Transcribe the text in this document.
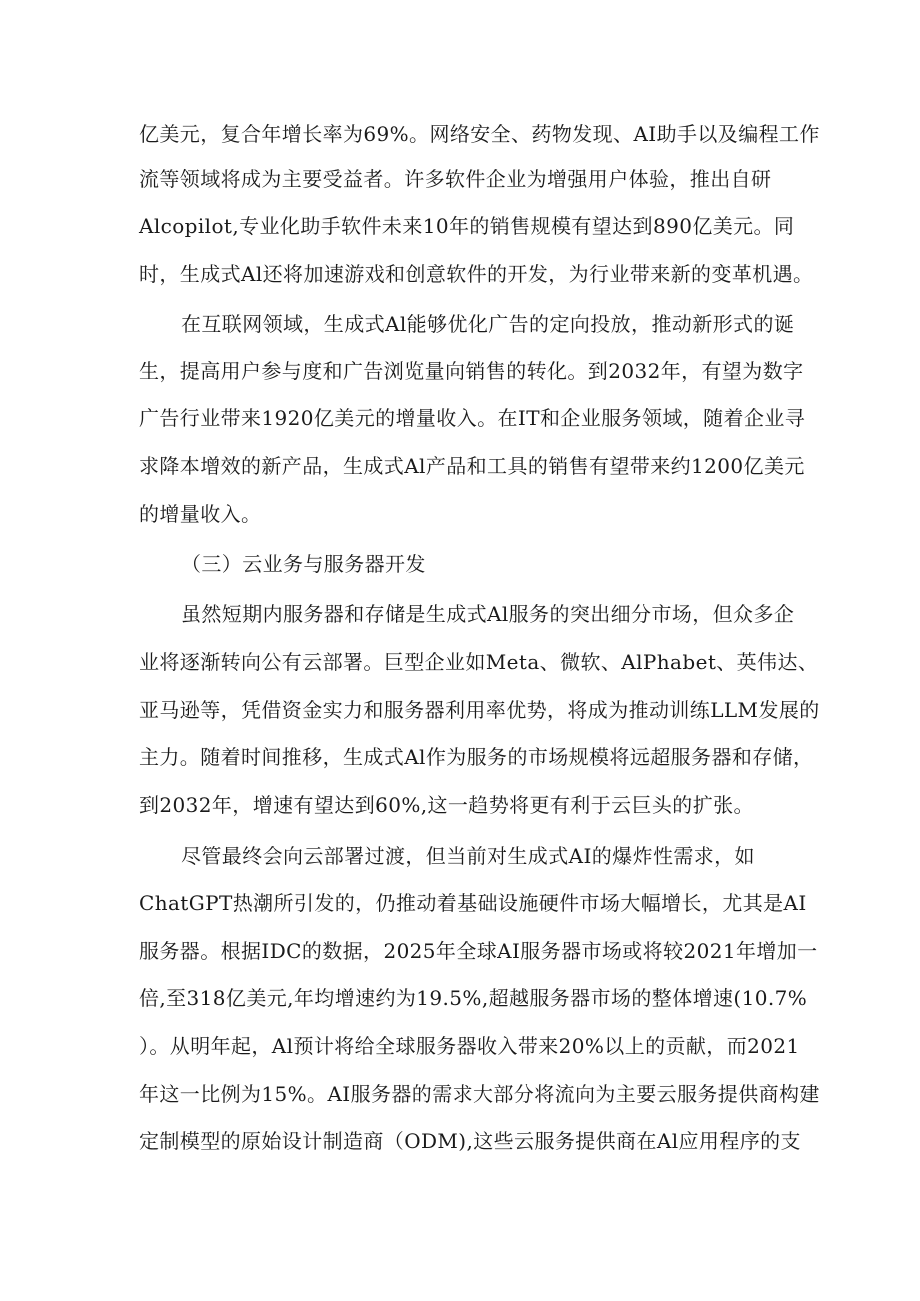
亿美元，复合年增长率为69%。网络安全、药物发现、AI助手以及编程工作
流等领域将成为主要受益者。许多软件企业为增强用户体验，推出自研
Alcopilot,专业化助手软件未来10年的销售规模有望达到890亿美元。同
时，生成式Al还将加速游戏和创意软件的开发，为行业带来新的变革机遇。
在互联网领域，生成式Al能够优化广告的定向投放，推动新形式的诞
生，提高用户参与度和广告浏览量向销售的转化。到2032年，有望为数字
广告行业带来1920亿美元的增量收入。在IT和企业服务领域，随着企业寻
求降本增效的新产品，生成式Al产品和工具的销售有望带来约1200亿美元
的增量收入。
（三）云业务与服务器开发
虽然短期内服务器和存储是生成式Al服务的突出细分市场，但众多企
业将逐渐转向公有云部署。巨型企业如Meta、微软、AlPhabet、英伟达、
亚马逊等，凭借资金实力和服务器利用率优势，将成为推动训练LLM发展的
主力。随着时间推移，生成式Al作为服务的市场规模将远超服务器和存储，
到2032年，增速有望达到60%,这一趋势将更有利于云巨头的扩张。
尽管最终会向云部署过渡，但当前对生成式AI的爆炸性需求，如
ChatGPT热潮所引发的，仍推动着基础设施硬件市场大幅增长，尤其是AI
服务器。根据IDC的数据，2025年全球AI服务器市场或将较2021年增加一
倍,至318亿美元,年均增速约为19.5%,超越服务器市场的整体增速(10.7%
）。从明年起，Al预计将给全球服务器收入带来20%以上的贡献，而2021
年这一比例为15%。AI服务器的需求大部分将流向为主要云服务提供商构建
定制模型的原始设计制造商（ODM),这些云服务提供商在Al应用程序的支
